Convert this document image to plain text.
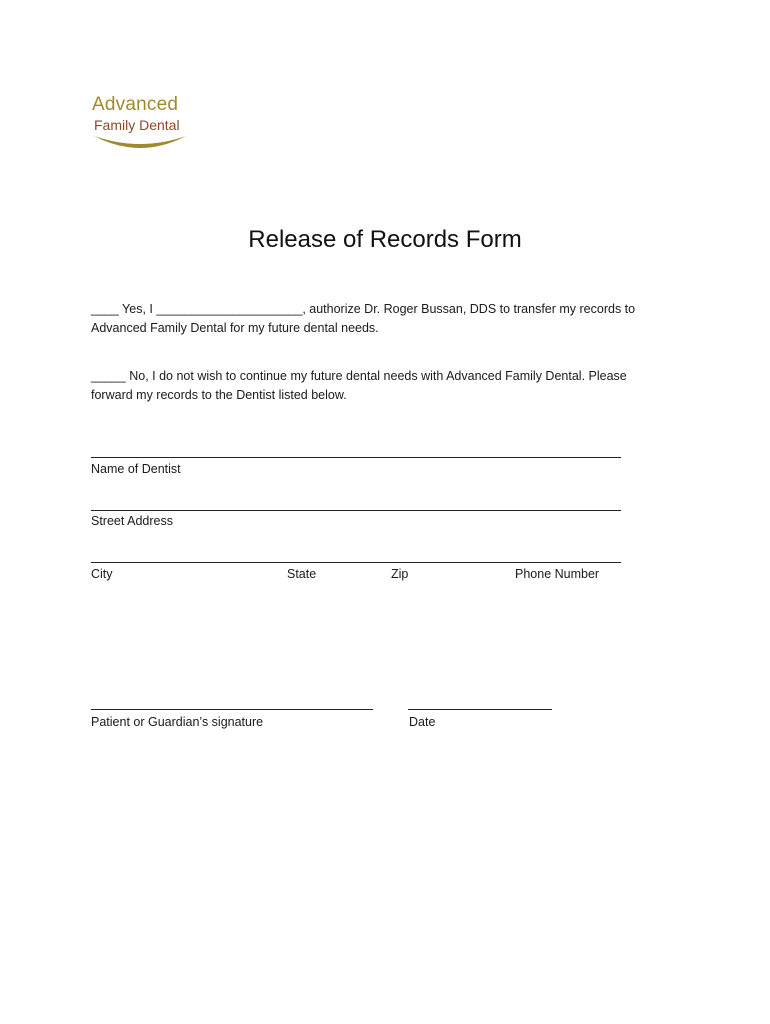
Advanced
Family Dental
Release of Records Form
____ Yes, I _____________________, authorize Dr. Roger Bussan, DDS to transfer my records to
Advanced Family Dental for my future dental needs.
_____ No, I do not wish to continue my future dental needs with Advanced Family Dental. Please
forward my records to the Dentist listed below.
Name of Dentist
Street Address
City	State	Zip	Phone Number
Patient or Guardian’s signature	Date
